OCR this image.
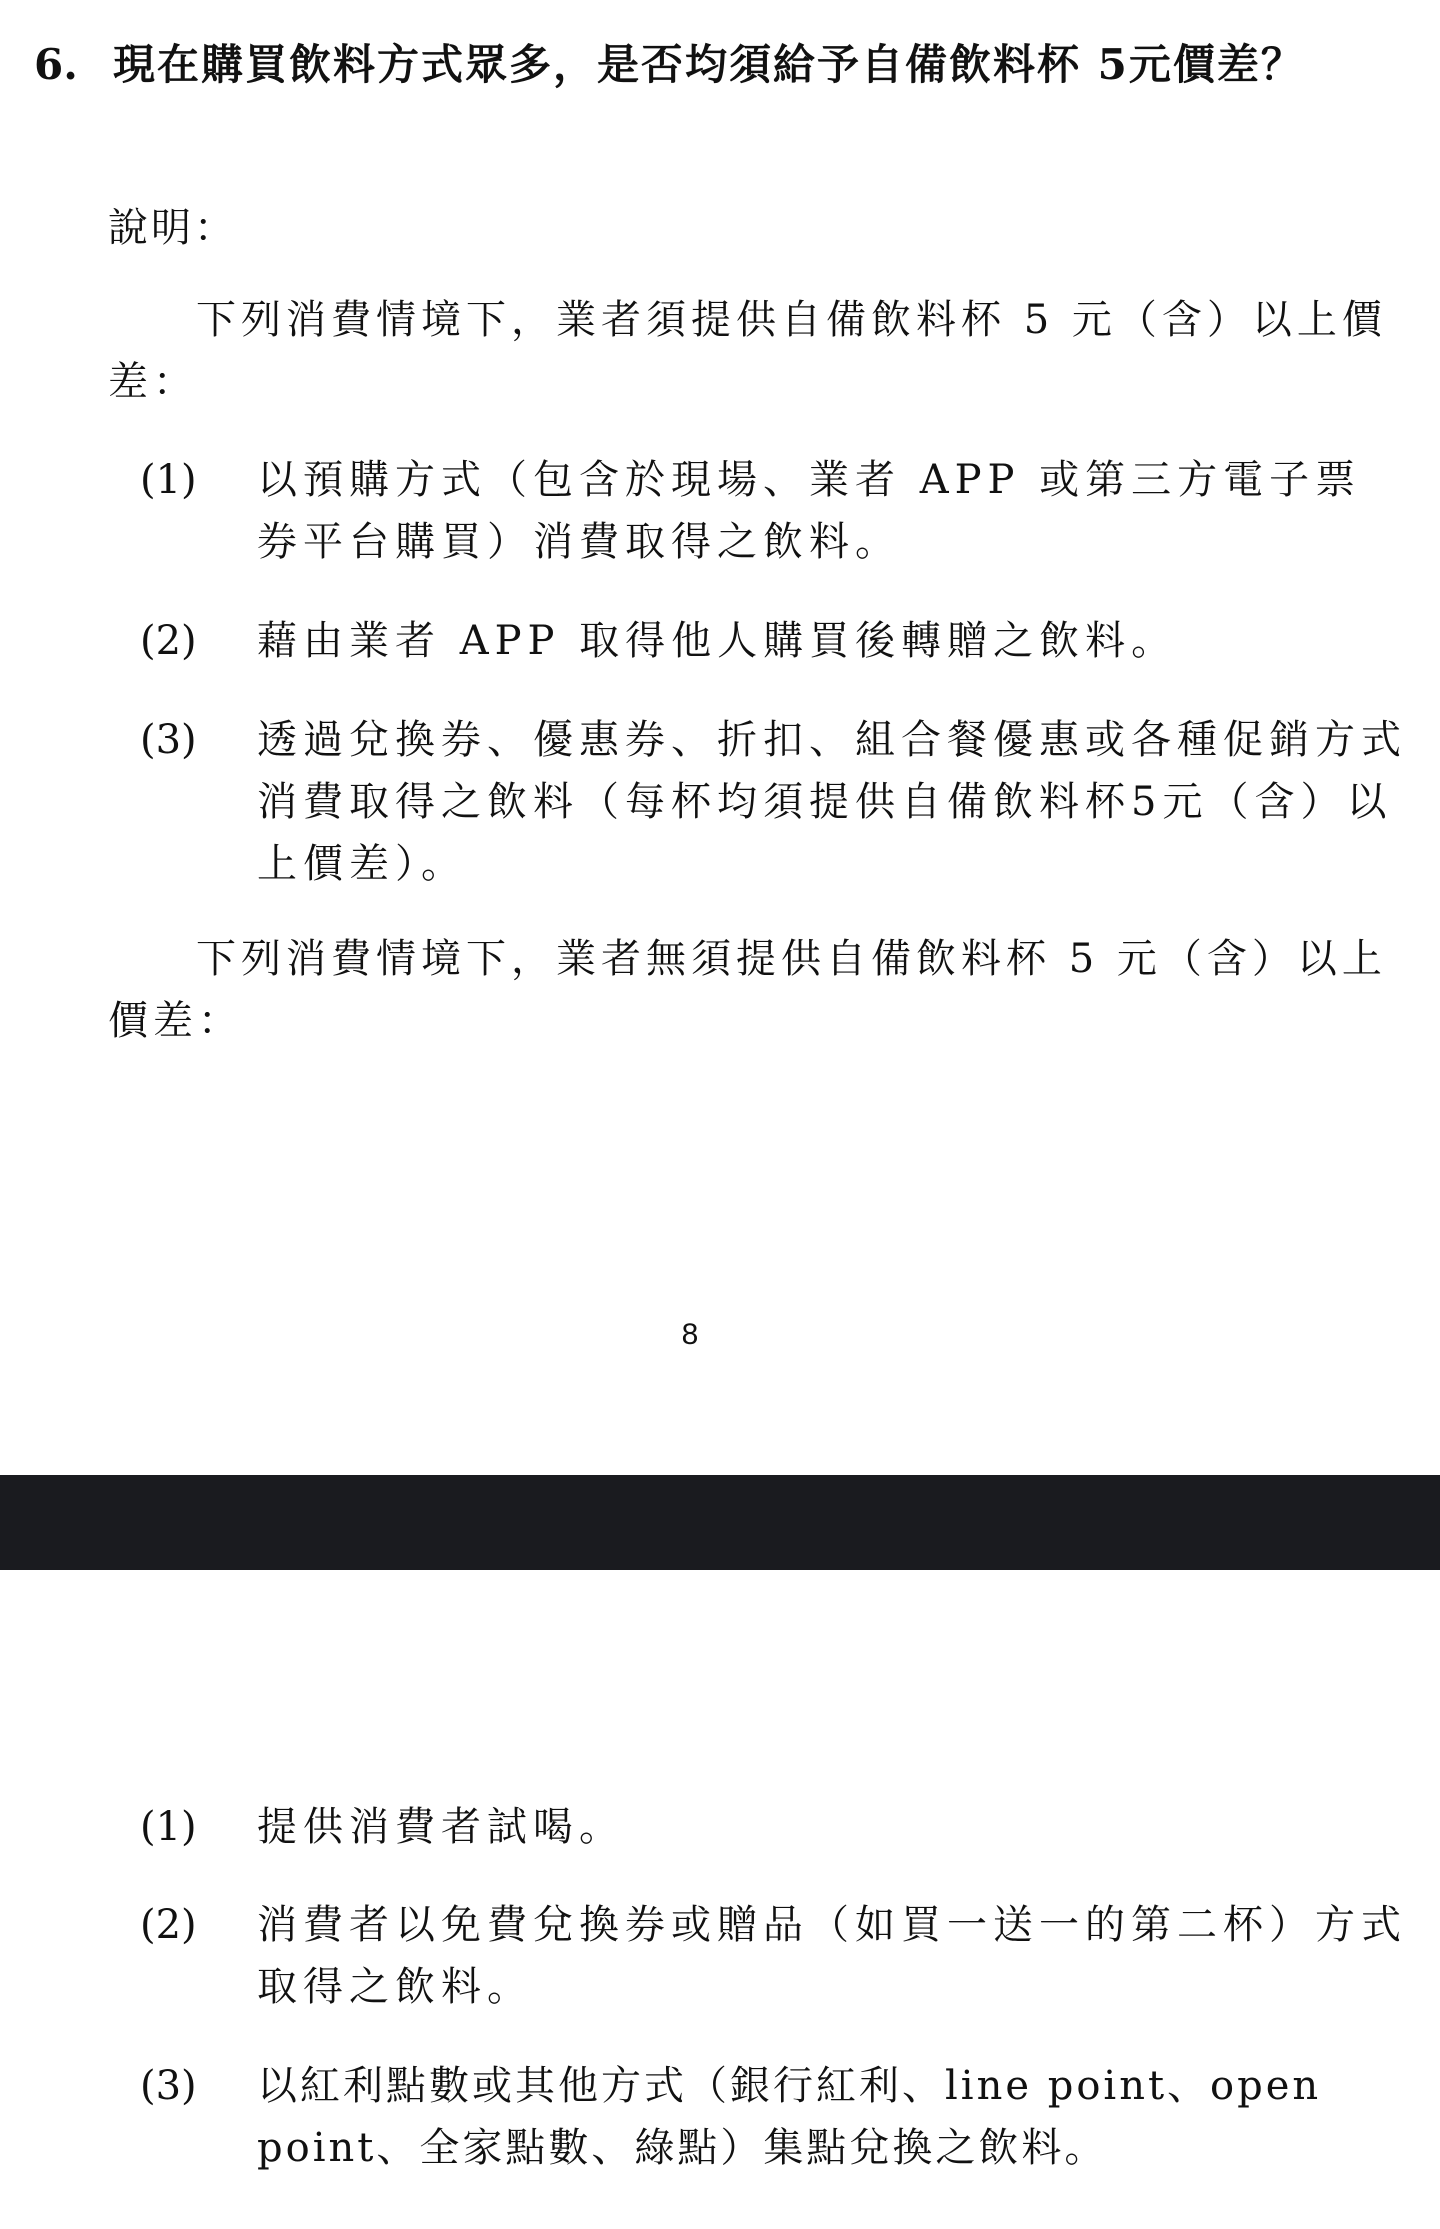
6. 現在購買飲料方式眾多，是否均須給予自備飲料杯 5元價差？
說明：
下列消費情境下，業者須提供自備飲料杯 5 元（含）以上價差：
(1) 以預購方式（包含於現場、業者 APP 或第三方電子票券平台購買）消費取得之飲料。
(2) 藉由業者 APP 取得他人購買後轉贈之飲料。
(3) 透過兌換券、優惠券、折扣、組合餐優惠或各種促銷方式消費取得之飲料（每杯均須提供自備飲料杯5元（含）以上價差）。
下列消費情境下，業者無須提供自備飲料杯 5 元（含）以上價差：
8
(1) 提供消費者試喝。
(2) 消費者以免費兌換券或贈品（如買一送一的第二杯）方式取得之飲料。
(3) 以紅利點數或其他方式（銀行紅利、line point、open point、全家點數、綠點）集點兌換之飲料。
